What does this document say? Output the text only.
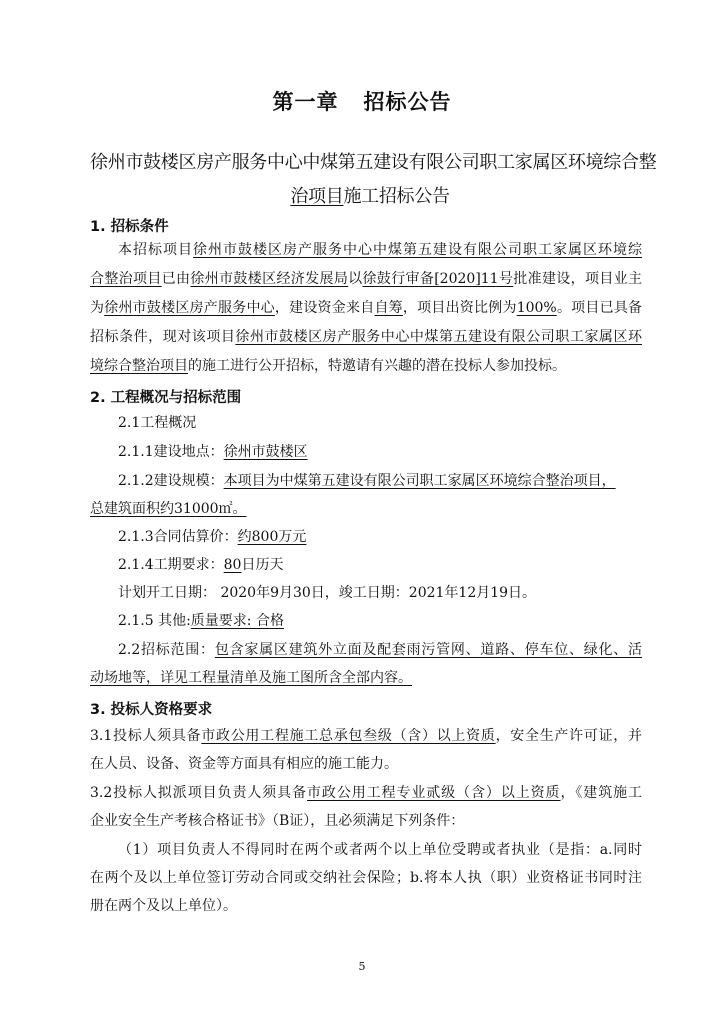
第一章   招标公告
徐州市鼓楼区房产服务中心中煤第五建设有限公司职工家属区环境综合整
治项目施工招标公告
1. 招标条件
本招标项目徐州市鼓楼区房产服务中心中煤第五建设有限公司职工家属区环境综
合整治项目已由徐州市鼓楼区经济发展局以徐鼓行审备[2020]11号批准建设，项目业主
为徐州市鼓楼区房产服务中心，建设资金来自自筹，项目出资比例为100%。项目已具备
招标条件，现对该项目徐州市鼓楼区房产服务中心中煤第五建设有限公司职工家属区环
境综合整治项目的施工进行公开招标，特邀请有兴趣的潜在投标人参加投标。
2. 工程概况与招标范围
2.1工程概况
2.1.1建设地点：徐州市鼓楼区
2.1.2建设规模：本项目为中煤第五建设有限公司职工家属区环境综合整治项目，
总建筑面积约31000㎡。
2.1.3合同估算价：约800万元
2.1.4工期要求：80日历天
计划开工日期： 2020年9月30日，竣工日期：2021年12月19日。
2.1.5 其他:质量要求: 合格
2.2招标范围：包含家属区建筑外立面及配套雨污管网、道路、停车位、绿化、活
动场地等，详见工程量清单及施工图所含全部内容。
3. 投标人资格要求
3.1投标人须具备市政公用工程施工总承包叁级（含）以上资质，安全生产许可证，并
在人员、设备、资金等方面具有相应的施工能力。
3.2投标人拟派项目负责人须具备市政公用工程专业贰级（含）以上资质，《建筑施工
企业安全生产考核合格证书》（B证），且必须满足下列条件：
（1）项目负责人不得同时在两个或者两个以上单位受聘或者执业（是指：a.同时
在两个及以上单位签订劳动合同或交纳社会保险；b.将本人执（职）业资格证书同时注
册在两个及以上单位）。
5
